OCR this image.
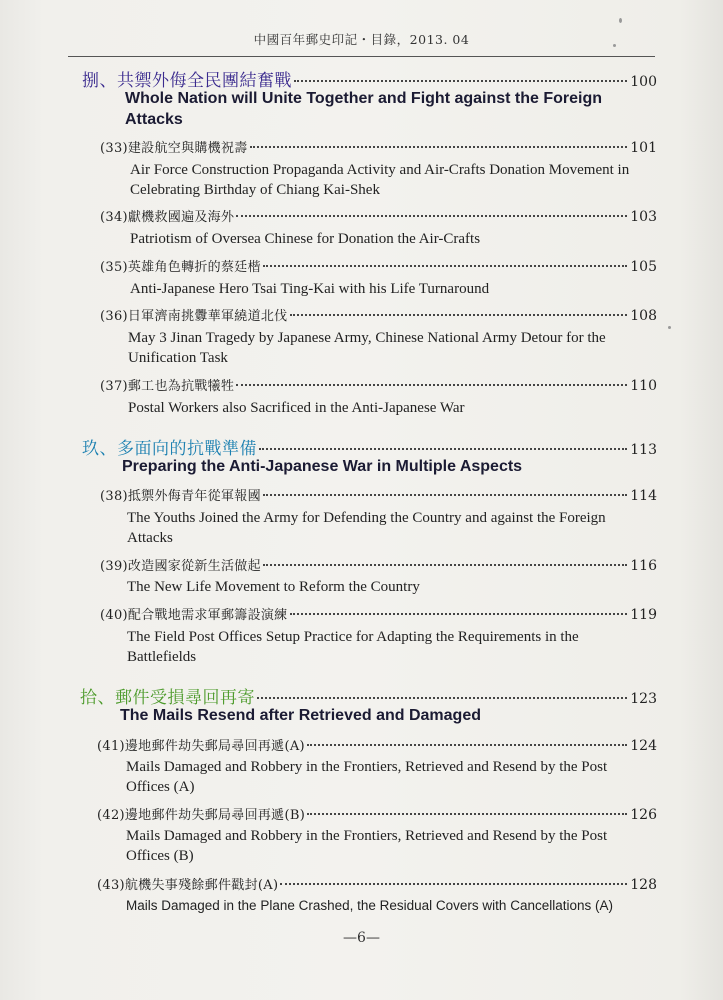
中國百年郵史印記・目錄，2013. 04
捌、共禦外侮全民團結奮戰	100
Whole Nation will Unite Together and Fight against the Foreign Attacks
(33)建設航空與購機祝壽	101
Air Force Construction Propaganda Activity and Air-Crafts Donation Movement in Celebrating Birthday of Chiang Kai-Shek
(34)獻機救國遍及海外	103
Patriotism of Oversea Chinese for Donation the Air-Crafts
(35)英雄角色轉折的蔡廷楷	105
Anti-Japanese Hero Tsai Ting-Kai with his Life Turnaround
(36)日軍濟南挑釁華軍繞道北伐	108
May 3 Jinan Tragedy by Japanese Army, Chinese National Army Detour for the Unification Task
(37)郵工也為抗戰犧牲	110
Postal Workers also Sacrificed in the Anti-Japanese War
玖、多面向的抗戰準備	113
Preparing the Anti-Japanese War in Multiple Aspects
(38)抵禦外侮青年從軍報國	114
The Youths Joined the Army for Defending the Country and against the Foreign Attacks
(39)改造國家從新生活做起	116
The New Life Movement to Reform the Country
(40)配合戰地需求軍郵籌設演練	119
The Field Post Offices Setup Practice for Adapting the Requirements in the Battlefields
拾、郵件受損尋回再寄	123
The Mails Resend after Retrieved and Damaged
(41)邊地郵件劫失郵局尋回再遞(A)	124
Mails Damaged and Robbery in the Frontiers, Retrieved and Resend by the Post Offices (A)
(42)邊地郵件劫失郵局尋回再遞(B)	126
Mails Damaged and Robbery in the Frontiers, Retrieved and Resend by the Post Offices (B)
(43)航機失事殘餘郵件戳封(A)	128
Mails Damaged in the Plane Crashed, the Residual Covers with Cancellations (A)
—6—
